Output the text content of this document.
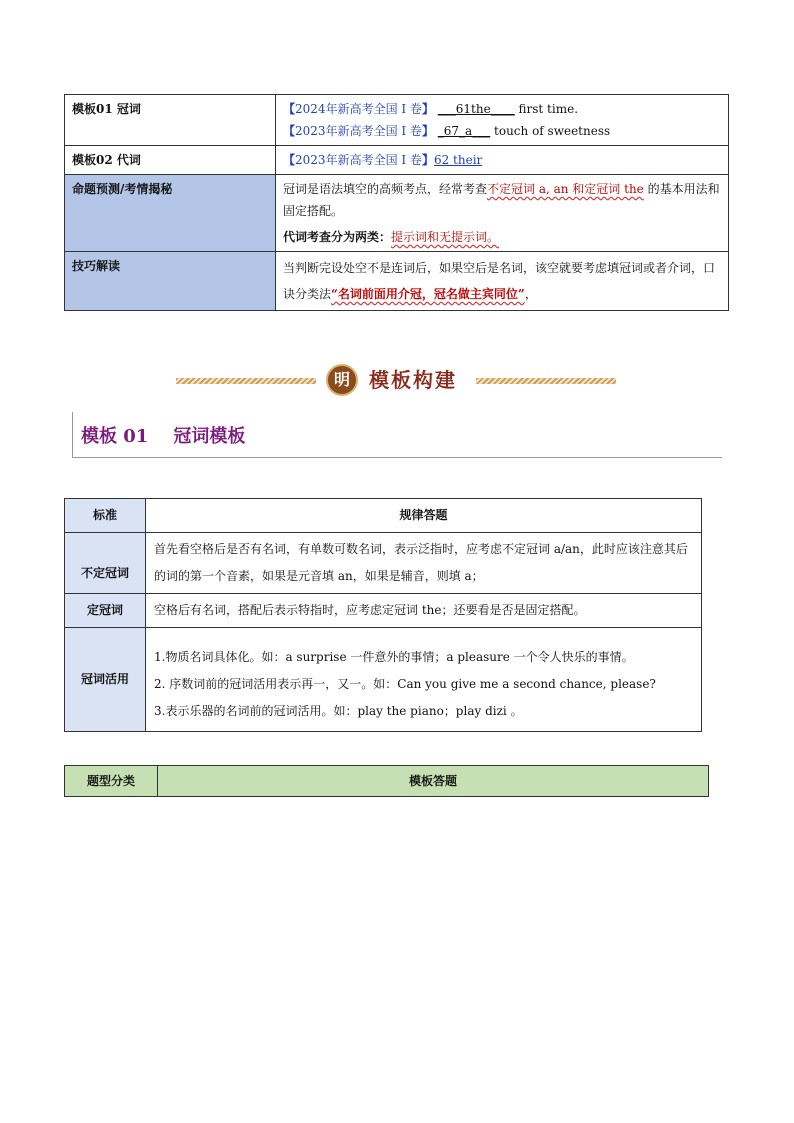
模板01 冠词	【2024年新高考全国 I 卷】 ___61the____ first time.
【2023年新高考全国 I 卷】 _67_a___ touch of sweetness

模板02 代词	【2023年新高考全国 I 卷】62 their
命题预测/考情揭秘	冠词是语法填空的高频考点，经常考查不定冠词 a, an 和定冠词 the 的基本用法和固定搭配。
代词考查分为两类：提示词和无提示词。

技巧解读	当判断完设处空不是连词后，如果空后是名词，该空就要考虑填冠词或者介词，口诀分类法“名词前面用介冠，冠名做主宾同位”，
明 模板构建
模板 01    冠词模板
标准	规律答题
不定冠词	首先看空格后是否有名词，有单数可数名词，表示泛指时，应考虑不定冠词 a/an，此时应该注意其后的词的第一个音素，如果是元音填 an，如果是辅音，则填 a；
定冠词	空格后有名词，搭配后表示特指时，应考虑定冠词 the；还要看是否是固定搭配。
冠词活用	1.物质名词具体化。如：a surprise 一件意外的事情；a pleasure 一个令人快乐的事情。
2. 序数词前的冠词活用表示再一，又一。如：Can you give me a second chance, please?
3.表示乐器的名词前的冠词活用。如：play the piano；play dizi 。
题型分类	模板答题
